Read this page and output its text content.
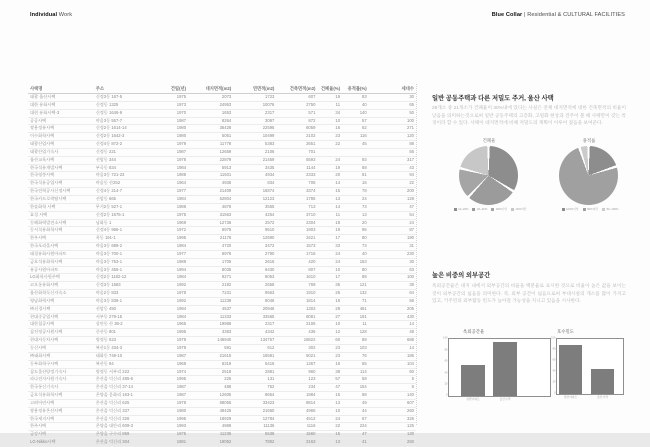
Individual Work	Blue Collar | Residential & CULTURAL FACILITIES
사택명	주소	건립(년)	대지면적(m2)	연면적(m2)	건축면적(m2)	건폐율(%)	용적률(%)	세대수
태광 울산사택	신정3동 167-5	1975	2073	1723	607	19	83	30
대한 유화사택	신정동 1325	1973	24953	10076	2750	11	40	65
대현 유화사택-3	신정동 1646-9	1970	1653	2317	571	34	140	50
공공사택	야음3동 557-7	1987	8264	3097	872	10	57	100
쌍용정유사택	신정2동 1614-14	1980	36428	22595	6059	16	62	271
이수화학사택	신정2동 1642-3	1980	5051	10499	2102	23	116	120
태광산업사택	신정4동 872-2	1979	11778	5383	2651	22	45	88
태광산업기숙사	신정동 221	1987	12659	2106	701			56
울산교육사택	선암동 344	1978	22879	21459	5593	24	93	317
한국석유개발사택	부곡동 834	1984	5913	3435	1144	19	58	43
한국영풍사택	야음3동 721-23	1988	11501	4934	2333	20	81	94
한국석유공업사택	야음동 산252	1964	4936	834	708	14	16	22
한국전력공사신정사택	신정4동 214-7	1977	21409	16874	3374	15	78	200
한국카프로락탐사택	선암동 665	1984	52804	12123	1786	13	24	128
한솔화학 사택	무거2동 527-1	1986	4876	3555	713	14	73	47
효성 사택	신정2동 1675-1	1975	31563	4254	3710	11	13	54
동해화력발전소사택	남화동 1	1969	12736	2572	2304	18	20	24
동서석유화학사택	신정4동 966-1	1972	6975	9510	1903	19	95	87
한우사택	옥동 191-1	1995	21176	12690	3421	17	80	190
한국포리올사택	야음3동 689-2	1984	4720	3472	1573	33	73	31
태경유화사원아파트	야음3동 700-1	1977	6976	2790	1716	24	40	230
금호석유화학사택	야음3동 753-1	1989	1705	2616	420	24	153	30
유공사원아파트	야음3동 455-1	1994	8035	6430	807	10	80	63
LG화학사원주택	신정2동 1182-12	1984	9271	8053	1610	17	88	100
코오롱유화사택	신정3동 1583	1992	2192	2658	769	35	121	39
울산화학독신자숙소	야음2동 833	1978	7231	9553	1910	26	132	64
영남화력사택	야음3동 836-1	1992	11238	8046	1814	16	71	56
㈜선경사택	선암동 450	1994	4537	20946	1303	28	461	205
현대중공업사택	서부동 279-15	1984	11333	33565	8081	27	191	430
대한철공사택	상안동 산 38-2	1965	19988	2317	2106	10	11	14
삼진정공사원사택	중산동 801	1995	3383	4342	436	12	128	49
현대자동차사택	양정동 523	1979	146940	134757	18822	60	89	688
동신사택	복산1동 434-3	1979	591	612	302	23	103	14
㈜태화사택	태화동 748-10	1987	21615	16581	5021	23	76	185
동부화학구사택	복산동 94	1969	6319	5416	1367	16	65	104
삼도물산양정기숙사	양정동 서부리 222	1974	2518	2881	960	38	114	60
파나전자사원기숙사	온산읍 덕신리 485-6	1995	225	131	123	57	58	5
한국통신기숙사	온산읍 덕신리 37-14	1987	488	752	234	47	154	6
금호석유화학사택	온양읍 운화리 163-1	1987	12605	8654	1984	15	68	140
고려아연사택	온산읍 덕신리 625	1978	68055	33423	8814	13	49	607
쌍용정유온산사택	온산읍 덕신리 337	1980	48425	21660	4965	10	44	260
한국제지사택	온산읍 덕신리 326	1995	18929	12784	4512	24	67	326
한주사택	온양읍 대안리 609-3	1993	4969	11136	1116	22	224	125
금강사택	온양읍 구수리 859	1975	11235	5538	1560	15	47	130
LG-Nikko사택	온산읍 덕신리 304	1981	19052	7802	2163	13	41	250
일반 공동주택과 다른 저밀도 주거, 울산 사택
28개소 중 21개소가 건폐율이 30%내에 있다는 사실은 전체 대지면적에 대한 건축면적의 비율이 낮음을 의미하는것으로써 일반 공동주택의 고층화, 고밀화 현상과 견주어 볼 때 사택만이 갖는 특징이라 할 수 있다. 사택이 대지면적에 비해 저밀도의 계획이 이루어 졌음을 보여준다.
건폐율
10~20%	20~30%	30%이상	10%미만
용적률
100%이상	50%미만	50~100%
높은 비중의 외부공간
옥외공간율은 대지 내에서 외부공간의 비율을 백분율로 표시한 것으로 비율이 높은 값을 보이는 것이 외부공간의 넓음을 의미한다. 즉, 외부 공간이 넓음으로써 부대시설의 개소를 많이 가지고 있고, 거주민의 외부활동 빈도가 높아질 가능성을 지니고 있음을 시사한다.
옥외공간율
0
20
40
60
80
100
일반아파트	울산사택
호수밀도
0
20
40
60
80
100
일반아파트	울산사택
